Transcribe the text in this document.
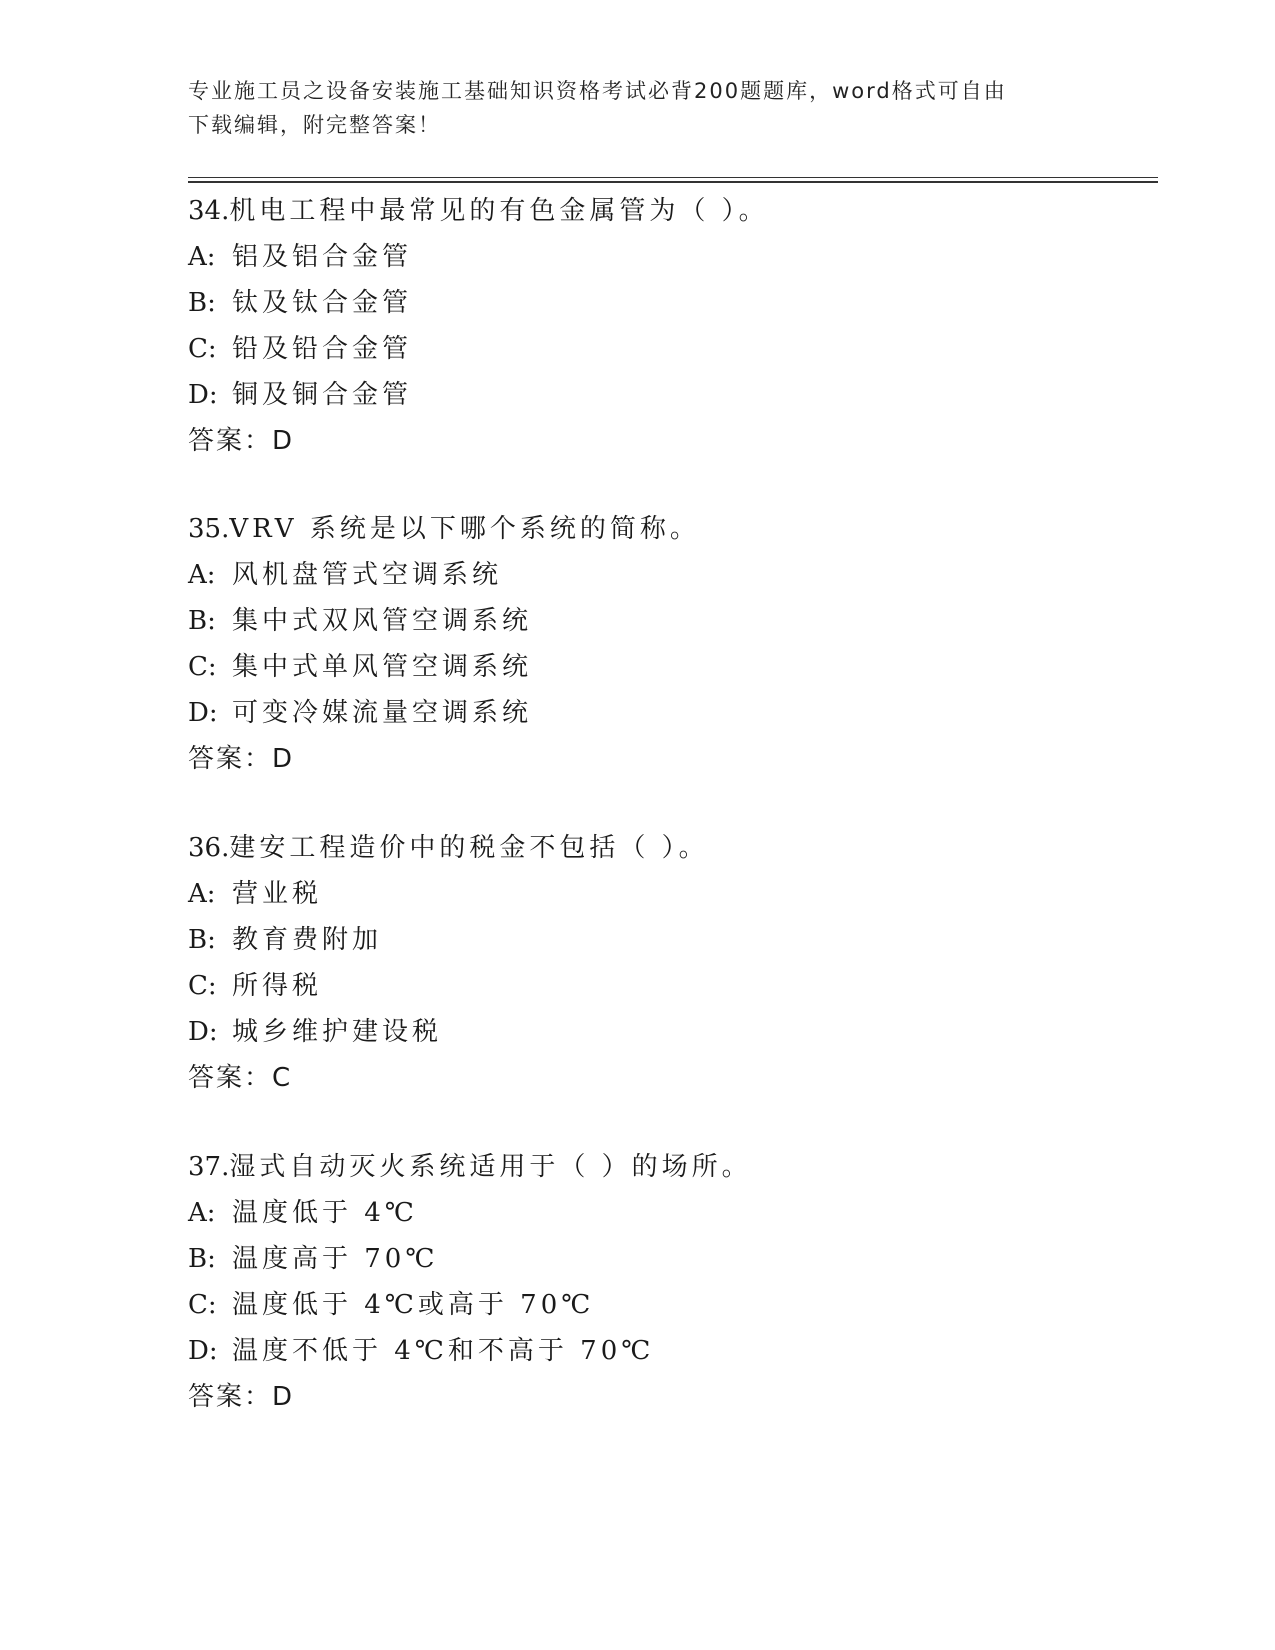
专业施工员之设备安装施工基础知识资格考试必背200题题库，word格式可自由
下载编辑，附完整答案！
34.机电工程中最常见的有色金属管为（ ）。
A: 铝及铝合金管
B: 钛及钛合金管
C: 铅及铅合金管
D: 铜及铜合金管
答案：D
35.VRV 系统是以下哪个系统的简称。
A: 风机盘管式空调系统
B: 集中式双风管空调系统
C: 集中式单风管空调系统
D: 可变冷媒流量空调系统
答案：D
36.建安工程造价中的税金不包括（ ）。
A: 营业税
B: 教育费附加
C: 所得税
D: 城乡维护建设税
答案：C
37.湿式自动灭火系统适用于（ ）的场所。
A: 温度低于 4℃
B: 温度高于 70℃
C: 温度低于 4℃或高于 70℃
D: 温度不低于 4℃和不高于 70℃
答案：D
